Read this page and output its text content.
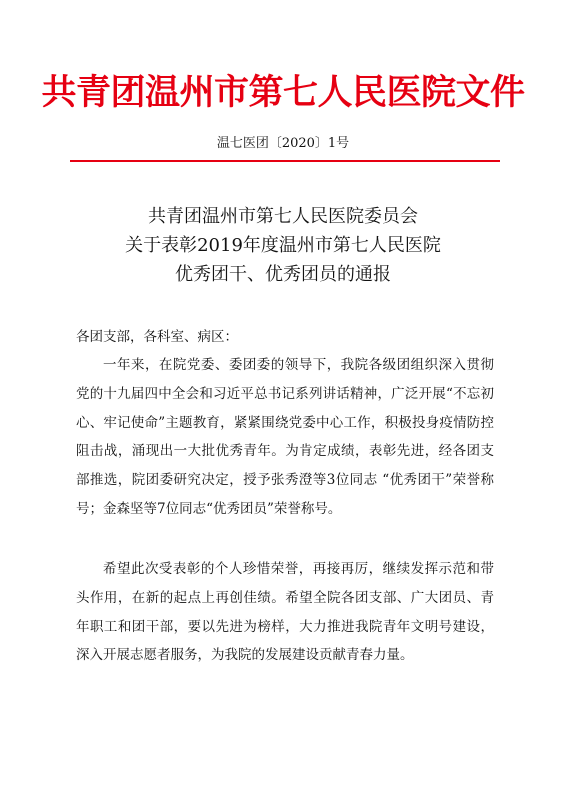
共青团温州市第七人民医院文件
温七医团〔2020〕1号
共青团温州市第七人民医院委员会
关于表彰2019年度温州市第七人民医院
优秀团干、优秀团员的通报
各团支部，各科室、病区：

一年来，在院党委、委团委的领导下，我院各级团组织深入贯彻党的十九届四中全会和习近平总书记系列讲话精神，广泛开展“不忘初心、牢记使命”主题教育，紧紧围绕党委中心工作，积极投身疫情防控阻击战，涌现出一大批优秀青年。为肯定成绩，表彰先进，经各团支部推选，院团委研究决定，授予张秀澄等3位同志 “优秀团干”荣誉称号；金森坚等7位同志“优秀团员”荣誉称号。

希望此次受表彰的个人珍惜荣誉，再接再厉，继续发挥示范和带头作用，在新的起点上再创佳绩。希望全院各团支部、广大团员、青年职工和团干部，要以先进为榜样，大力推进我院青年文明号建设，深入开展志愿者服务，为我院的发展建设贡献青春力量。
